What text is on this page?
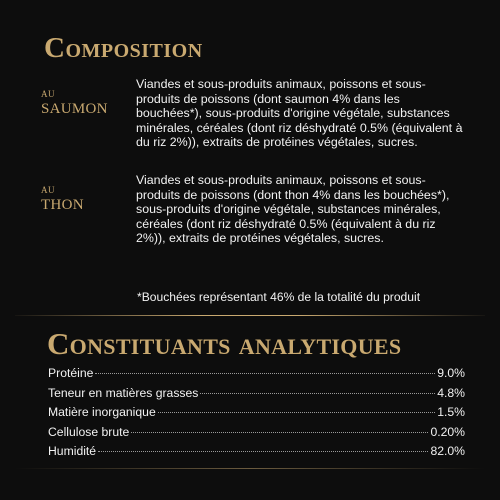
Composition
AU
SAUMON

Viandes et sous-produits animaux, poissons et sous-produits de poissons (dont saumon 4% dans les bouchées*), sous-produits d'origine végétale, substances minérales, céréales (dont riz déshydraté 0.5% (équivalent à du riz 2%)), extraits de protéines végétales, sucres.

AU
THON

Viandes et sous-produits animaux, poissons et sous-produits de poissons (dont thon 4% dans les bouchées*), sous-produits d'origine végétale, substances minérales, céréales (dont riz déshydraté 0.5% (équivalent à du riz 2%)), extraits de protéines végétales, sucres.

*Bouchées représentant 46% de la totalité du produit

Constituants analytiques
Protéine	9.0%
Teneur en matières grasses	4.8%
Matière inorganique	1.5%
Cellulose brute	0.20%
Humidité	82.0%
